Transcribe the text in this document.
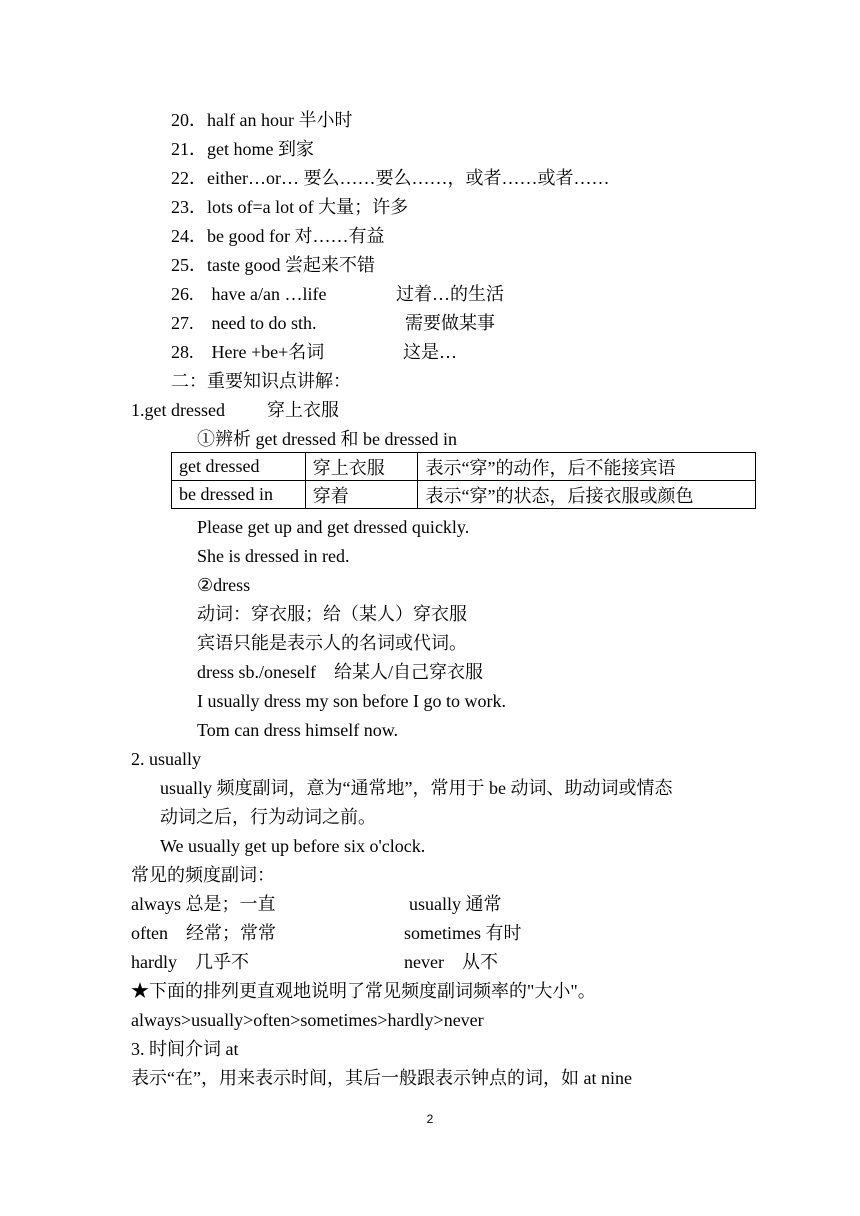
20．half an hour 半小时
21．get home 到家
22．either…or… 要么……要么……，或者……或者……
23．lots of=a lot of 大量；许多
24．be good for 对……有益
25．taste good 尝起来不错
26.　have a/an …life	过着…的生活
27.　need to do sth.	需要做某事
28.　Here +be+名词	这是…
二：重要知识点讲解：
1.get dressed 穿上衣服
①辨析 get dressed 和 be dressed in
get dressed	穿上衣服	表示“穿”的动作，后不能接宾语
be dressed in	穿着	表示“穿”的状态，后接衣服或颜色
Please get up and get dressed quickly.
She is dressed in red.
②dress
动词：穿衣服；给（某人）穿衣服
宾语只能是表示人的名词或代词。
dress sb./oneself　给某人/自己穿衣服
I usually dress my son before I go to work.
Tom can dress himself now.
2. usually
usually 频度副词，意为“通常地”，常用于 be 动词、助动词或情态
动词之后，行为动词之前。
We usually get up before six o'clock.
常见的频度副词：
always 总是；一直	usually 通常
often　经常；常常	sometimes 有时
hardly　几乎不	never　从不
★下面的排列更直观地说明了常见频度副词频率的"大小"。
always>usually>often>sometimes>hardly>never
3. 时间介词 at
表示“在”，用来表示时间，其后一般跟表示钟点的词，如 at nine
2
